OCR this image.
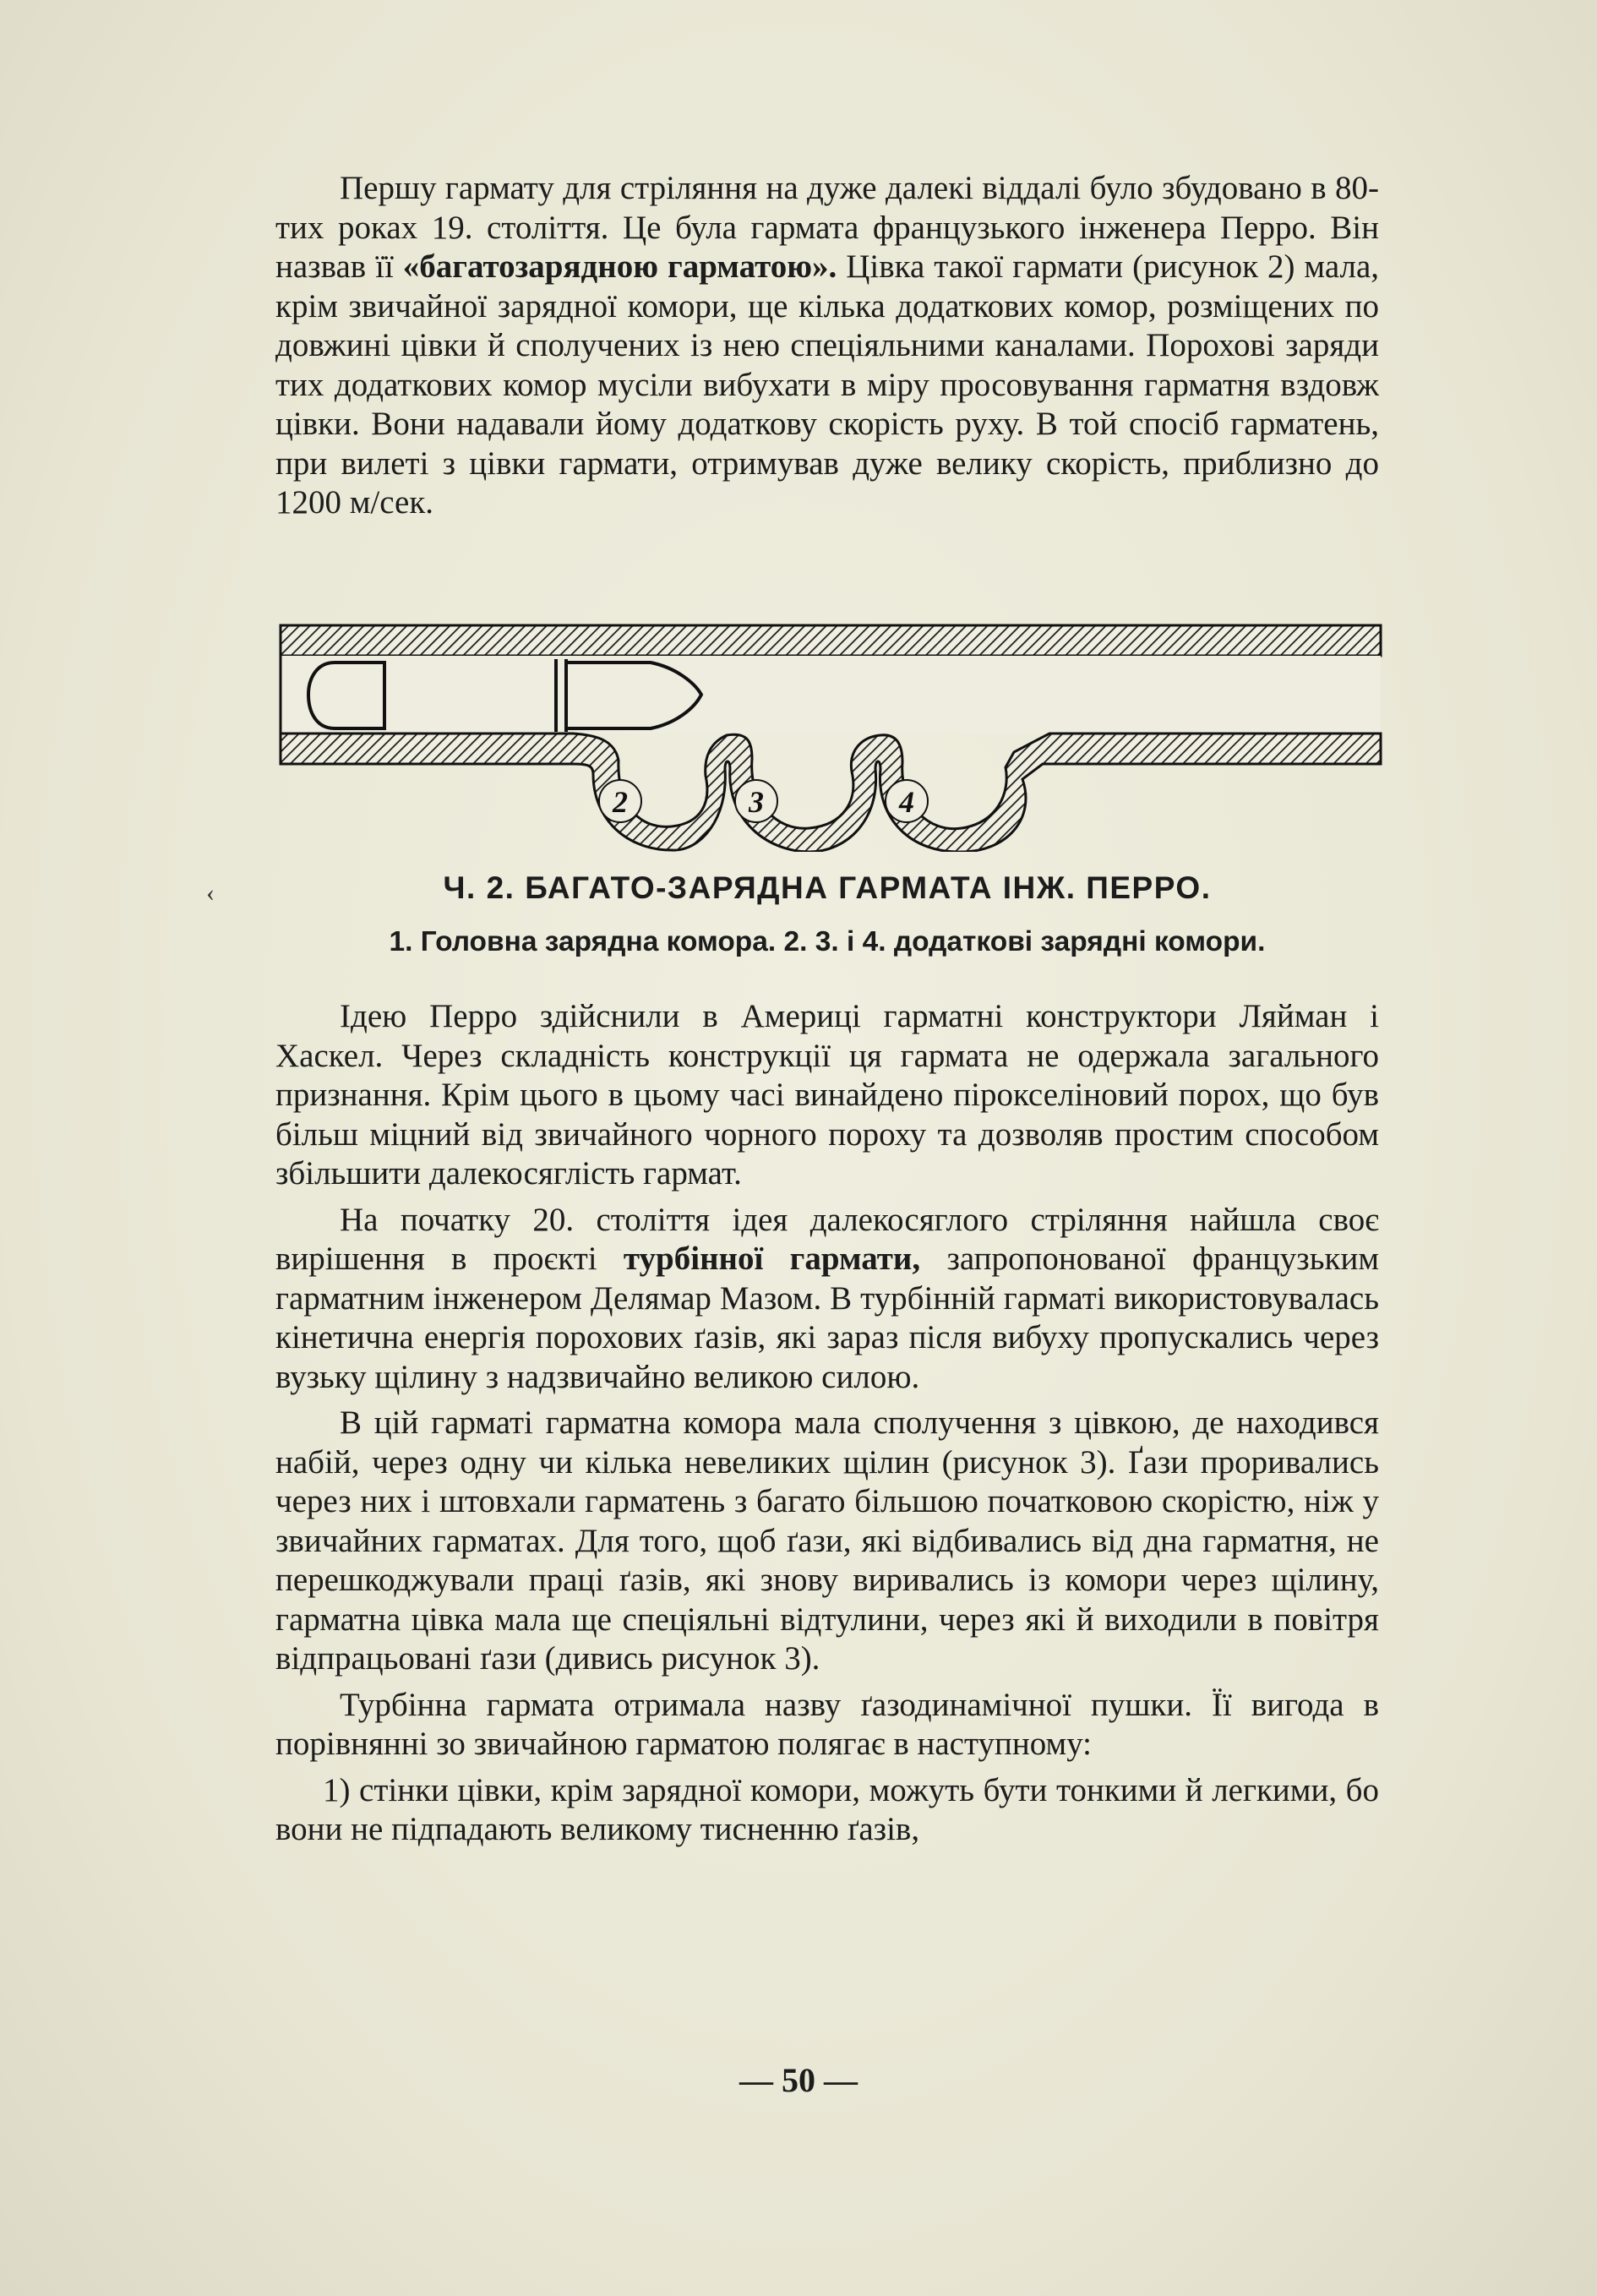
Першу гармату для стріляння на дуже далекі віддалі було збудовано в 80-тих роках 19. століття. Це була гармата французького інженера Перро. Він назвав її «багатозарядною гарматою». Цівка такої гармати (рисунок 2) мала, крім звичайної зарядної комори, ще кілька додаткових комор, розміщених по довжині цівки й сполучених із нею спеціяльними каналами. Порохові заряди тих додаткових комор мусіли вибухати в міру просовування гарматня вздовж цівки. Вони надавали йому додаткову скорість руху. В той спосіб гарматень, при вилеті з цівки гармати, отримував дуже велику скорість, приблизно до 1200 м/сек.

2	3	4
‹	Ч. 2. БАГАТО-ЗАРЯДНА ГАРМАТА ІНЖ. ПЕРРО.
1. Головна зарядна комора. 2. 3. і 4. додаткові зарядні комори.

Ідею Перро здійснили в Америці гарматні конструктори Ляйман і Хаскел. Через складність конструкції ця гармата не одержала загального признання. Крім цього в цьому часі винайдено пірокселіновий порох, що був більш міцний від звичайного чорного пороху та дозволяв простим способом збільшити далекосяглість гармат.

На початку 20. століття ідея далекосяглого стріляння найшла своє вирішення в проєкті турбінної гармати, запропонованої французьким гарматним інженером Делямар Мазом. В турбінній гарматі використовувалась кінетична енергія порохових ґазів, які зараз після вибуху пропускались через вузьку щілину з надзвичайно великою силою.

В цій гарматі гарматна комора мала сполучення з цівкою, де находився набій, через одну чи кілька невеликих щілин (рисунок 3). Ґази проривались через них і штовхали гарматень з багато більшою початковою скорістю, ніж у звичайних гарматах. Для того, щоб ґази, які відбивались від дна гарматня, не перешкоджували праці ґазів, які знову виривались із комори через щілину, гарматна цівка мала ще спеціяльні відтулини, через які й виходили в повітря відпрацьовані ґази (дивись рисунок 3).

Турбінна гармата отримала назву ґазодинамічної пушки. Її вигода в порівнянні зо звичайною гарматою полягає в наступному:

1) стінки цівки, крім зарядної комори, можуть бути тонкими й легкими, бо вони не підпадають великому тисненню ґазів,

— 50 —
